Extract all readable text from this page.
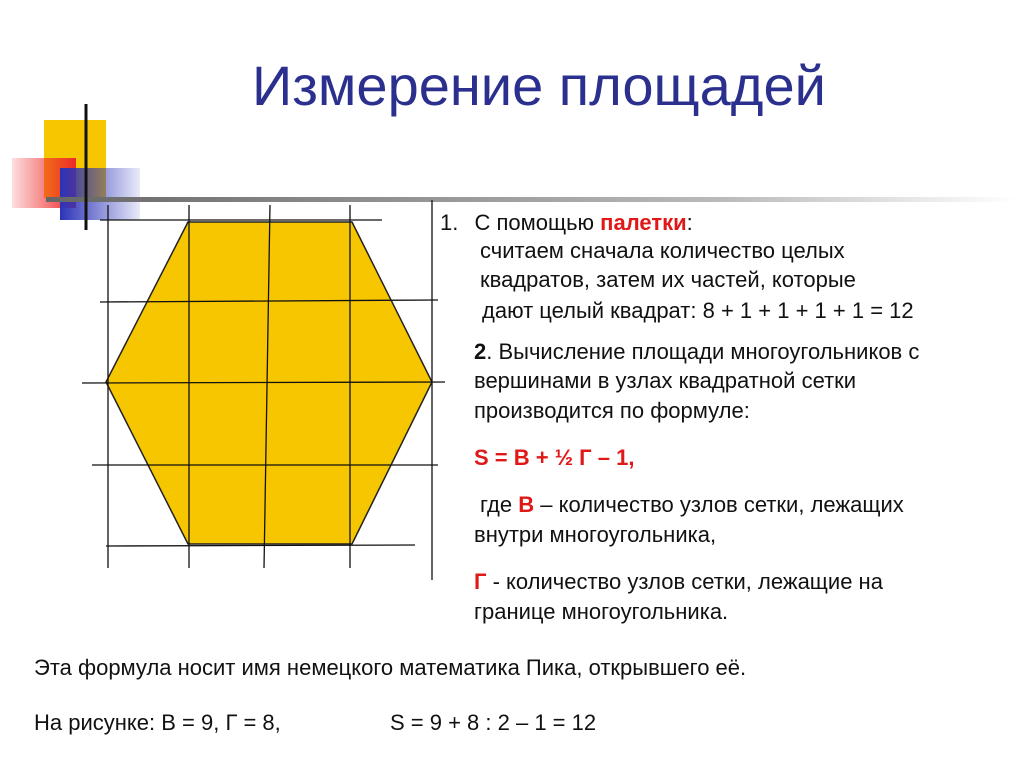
Измерение площадей
1. С помощью палетки:
считаем сначала количество целых
квадратов, затем их частей, которые
дают целый квадрат: 8 + 1 + 1 + 1 + 1 = 12
2. Вычисление площади многоугольников с
вершинами в узлах квадратной сетки
производится по формуле:
S = В + ½ Г – 1,
где В – количество узлов сетки, лежащих
внутри многоугольника,
Г - количество узлов сетки, лежащие на
границе многоугольника.
Эта формула носит имя немецкого математика Пика, открывшего её.
На рисунке: В = 9, Г = 8,	S = 9 + 8 : 2 – 1 = 12
